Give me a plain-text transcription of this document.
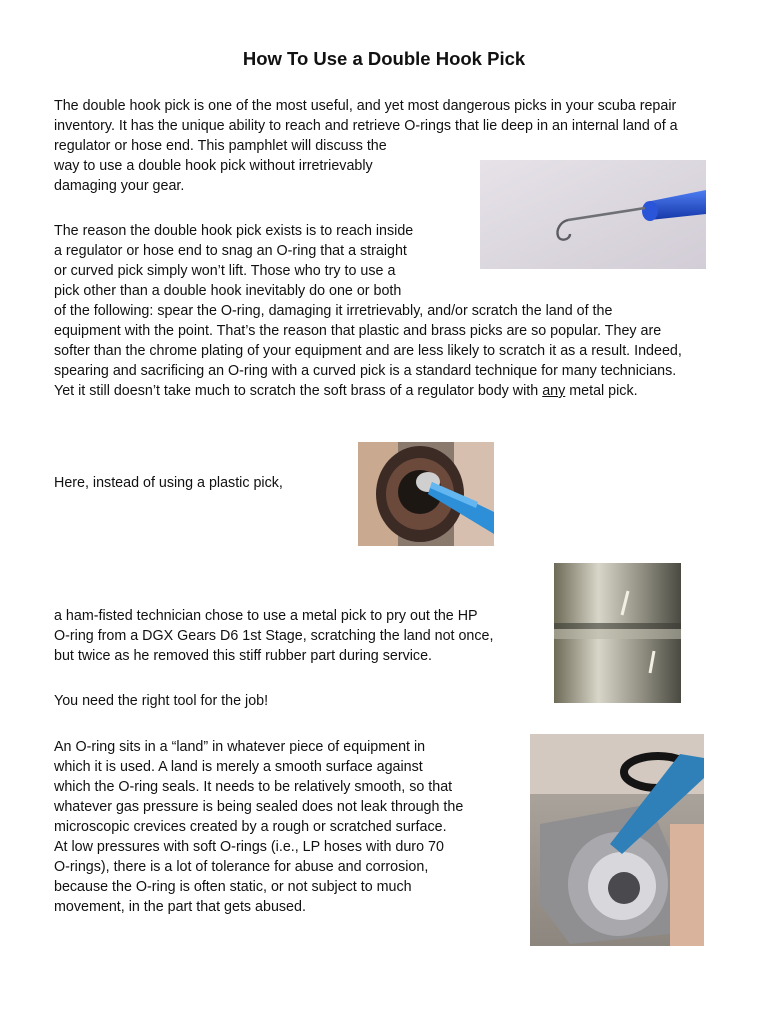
How To Use a Double Hook Pick

The double hook pick is one of the most useful, and yet most dangerous picks in your scuba repair

inventory. It has the unique ability to reach and retrieve O-rings that lie deep in an internal land of a

regulator or hose end. This pamphlet will discuss the

way to use a double hook pick without irretrievably

damaging your gear.

The reason the double hook pick exists is to reach inside

a regulator or hose end to snag an O-ring that a straight

or curved pick simply won’t lift. Those who try to use a

pick other than a double hook inevitably do one or both

of the following: spear the O-ring, damaging it irretrievably, and/or scratch the land of the

equipment with the point. That’s the reason that plastic and brass picks are so popular. They are

softer than the chrome plating of your equipment and are less likely to scratch it as a result. Indeed,

spearing and sacrificing an O-ring with a curved pick is a standard technique for many technicians.

Yet it still doesn’t take much to scratch the soft brass of a regulator body with any metal pick.

Here, instead of using a plastic pick,

a ham-fisted technician chose to use a metal pick to pry out the HP

O-ring from a DGX Gears D6 1st Stage, scratching the land not once,

but twice as he removed this stiff rubber part during service.

You need the right tool for the job!

An O-ring sits in a “land” in whatever piece of equipment in

which it is used. A land is merely a smooth surface against

which the O-ring seals. It needs to be relatively smooth, so that

whatever gas pressure is being sealed does not leak through the

microscopic crevices created by a rough or scratched surface.

At low pressures with soft O-rings (i.e., LP hoses with duro 70

O-rings), there is a lot of tolerance for abuse and corrosion,

because the O-ring is often static, or not subject to much

movement, in the part that gets abused.
